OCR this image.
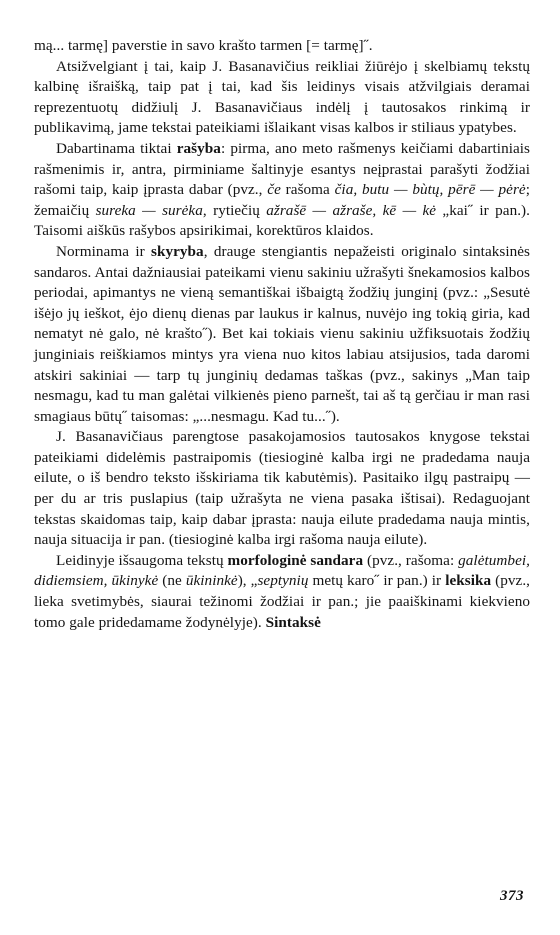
mą... tarmę] paverstie in savo krašto tarmen [= tarmę]˝.

Atsižvelgiant į tai, kaip J. Basanavičius reikliai žiūrėjo į skelbiamų tekstų kalbinę išraišką, taip pat į tai, kad šis leidinys visais atžvilgiais deramai reprezentuotų didžiulį J. Basanavičiaus indėlį į tautosakos rinkimą ir publikavimą, jame tekstai pateikiami išlaikant visas kalbos ir stiliaus ypatybes.

Dabartinama tiktai rašyba: pirma, ano meto rašmenys keičiami dabartiniais rašmenimis ir, antra, pirminiame šaltinyje esantys neįprastai parašyti žodžiai rašomi taip, kaip įprasta dabar (pvz., če rašoma čia, butu — bùtų, pērē — pėrė; žemaičių sureka — surėka, rytiečių ažrašē — ažraše, kē — kė „kai˝ ir pan.). Taisomi aiškūs rašybos apsirikimai, korektūros klaidos.

Norminama ir skyryba, drauge stengiantis nepažeisti originalo sintaksinės sandaros. Antai dažniausiai pateikami vienu sakiniu užrašyti šnekamosios kalbos periodai, apimantys ne vieną semantiškai išbaigtą žodžių junginį (pvz.: „Sesutė išėjo jų ieškot, ėjo dienų dienas par laukus ir kalnus, nuvėjo ing tokią giria, kad nematyt nė galo, nė krašto˝). Bet kai tokiais vienu sakiniu užfiksuotais žodžių junginiais reiškiamos mintys yra viena nuo kitos labiau atsijusios, tada daromi atskiri sakiniai — tarp tų junginių dedamas taškas (pvz., sakinys „Man taip nesmagu, kad tu man galėtai vilkienės pieno parnešt, tai aš tą gerčiau ir man rasi smagiaus būtų˝ taisomas: „...nesmagu. Kad tu...˝).

J. Basanavičiaus parengtose pasakojamosios tautosakos knygose tekstai pateikiami didelėmis pastraipomis (tiesioginė kalba irgi ne pradedama nauja eilute, o iš bendro teksto išskiriama tik kabutėmis). Pasitaiko ilgų pastraipų — per du ar tris puslapius (taip užrašyta ne viena pasaka ištisai). Redaguojant tekstas skaidomas taip, kaip dabar įprasta: nauja eilute pradedama nauja mintis, nauja situacija ir pan. (tiesioginė kalba irgi rašoma nauja eilute).

Leidinyje išsaugoma tekstų morfologinė sandara (pvz., rašoma: galėtumbei, didiemsiem, ūkinykė (ne ūkininkė), „septynių metų karo˝ ir pan.) ir leksika (pvz., lieka svetimybės, siaurai težinomi žodžiai ir pan.; jie paaiškinami kiekvieno tomo gale pridedamame žodynėlyje). Sintaksė

373
